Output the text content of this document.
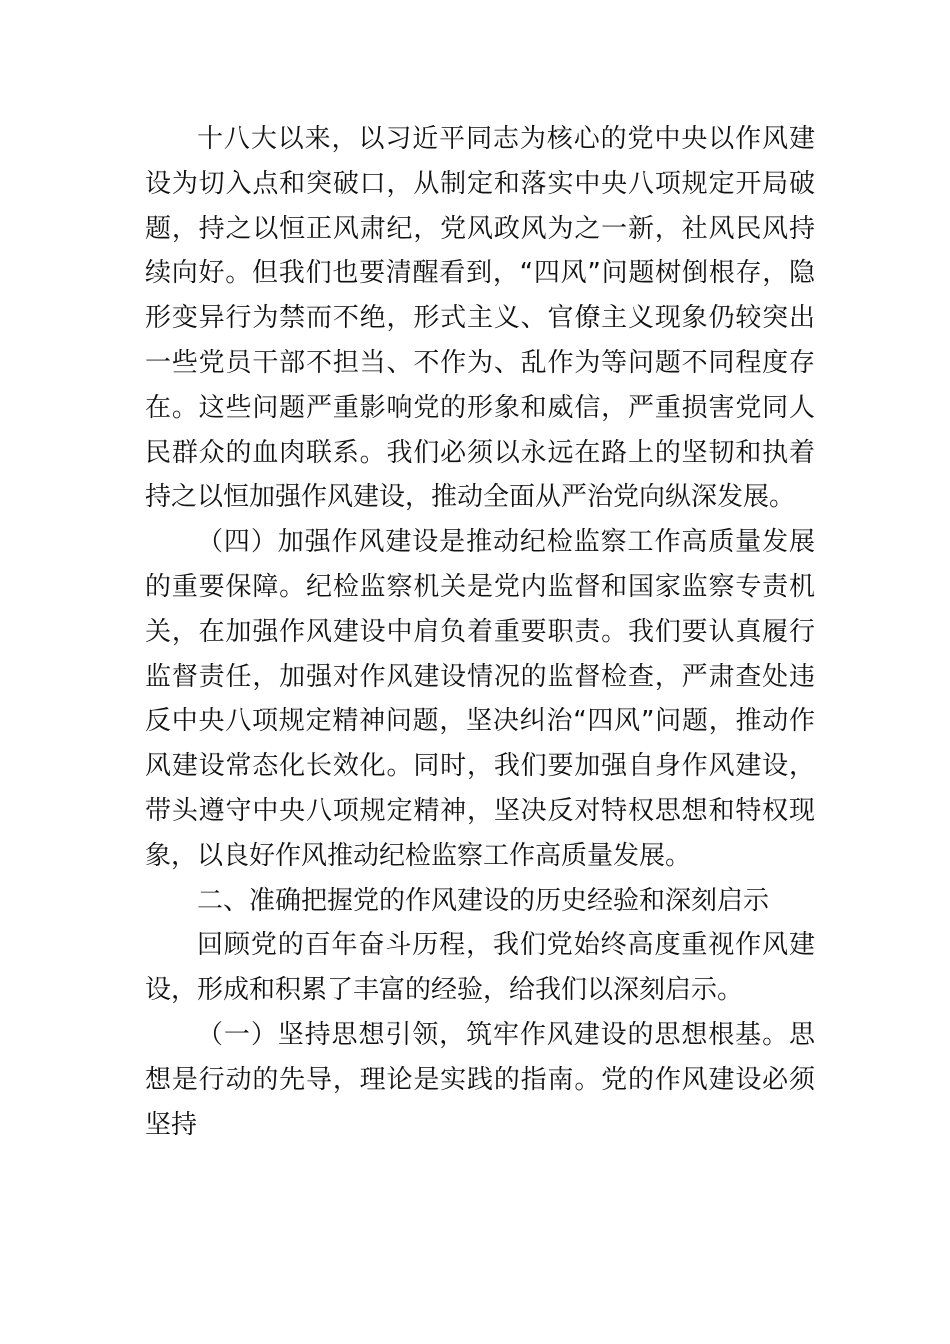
十八大以来，以习近平同志为核心的党中央以作风建设为切入点和突破口，从制定和落实中央八项规定开局破题，持之以恒正风肃纪，党风政风为之一新，社风民风持续向好。但我们也要清醒看到，“四风”问题树倒根存，隐形变异行为禁而不绝，形式主义、官僚主义现象仍较突出一些党员干部不担当、不作为、乱作为等问题不同程度存在。这些问题严重影响党的形象和威信，严重损害党同人民群众的血肉联系。我们必须以永远在路上的坚韧和执着持之以恒加强作风建设，推动全面从严治党向纵深发展。

（四）加强作风建设是推动纪检监察工作高质量发展的重要保障。纪检监察机关是党内监督和国家监察专责机关，在加强作风建设中肩负着重要职责。我们要认真履行监督责任，加强对作风建设情况的监督检查，严肃查处违反中央八项规定精神问题，坚决纠治“四风”问题，推动作风建设常态化长效化。同时，我们要加强自身作风建设，带头遵守中央八项规定精神，坚决反对特权思想和特权现象，以良好作风推动纪检监察工作高质量发展。

二、准确把握党的作风建设的历史经验和深刻启示

回顾党的百年奋斗历程，我们党始终高度重视作风建设，形成和积累了丰富的经验，给我们以深刻启示。

（一）坚持思想引领，筑牢作风建设的思想根基。思想是行动的先导，理论是实践的指南。党的作风建设必须坚持
